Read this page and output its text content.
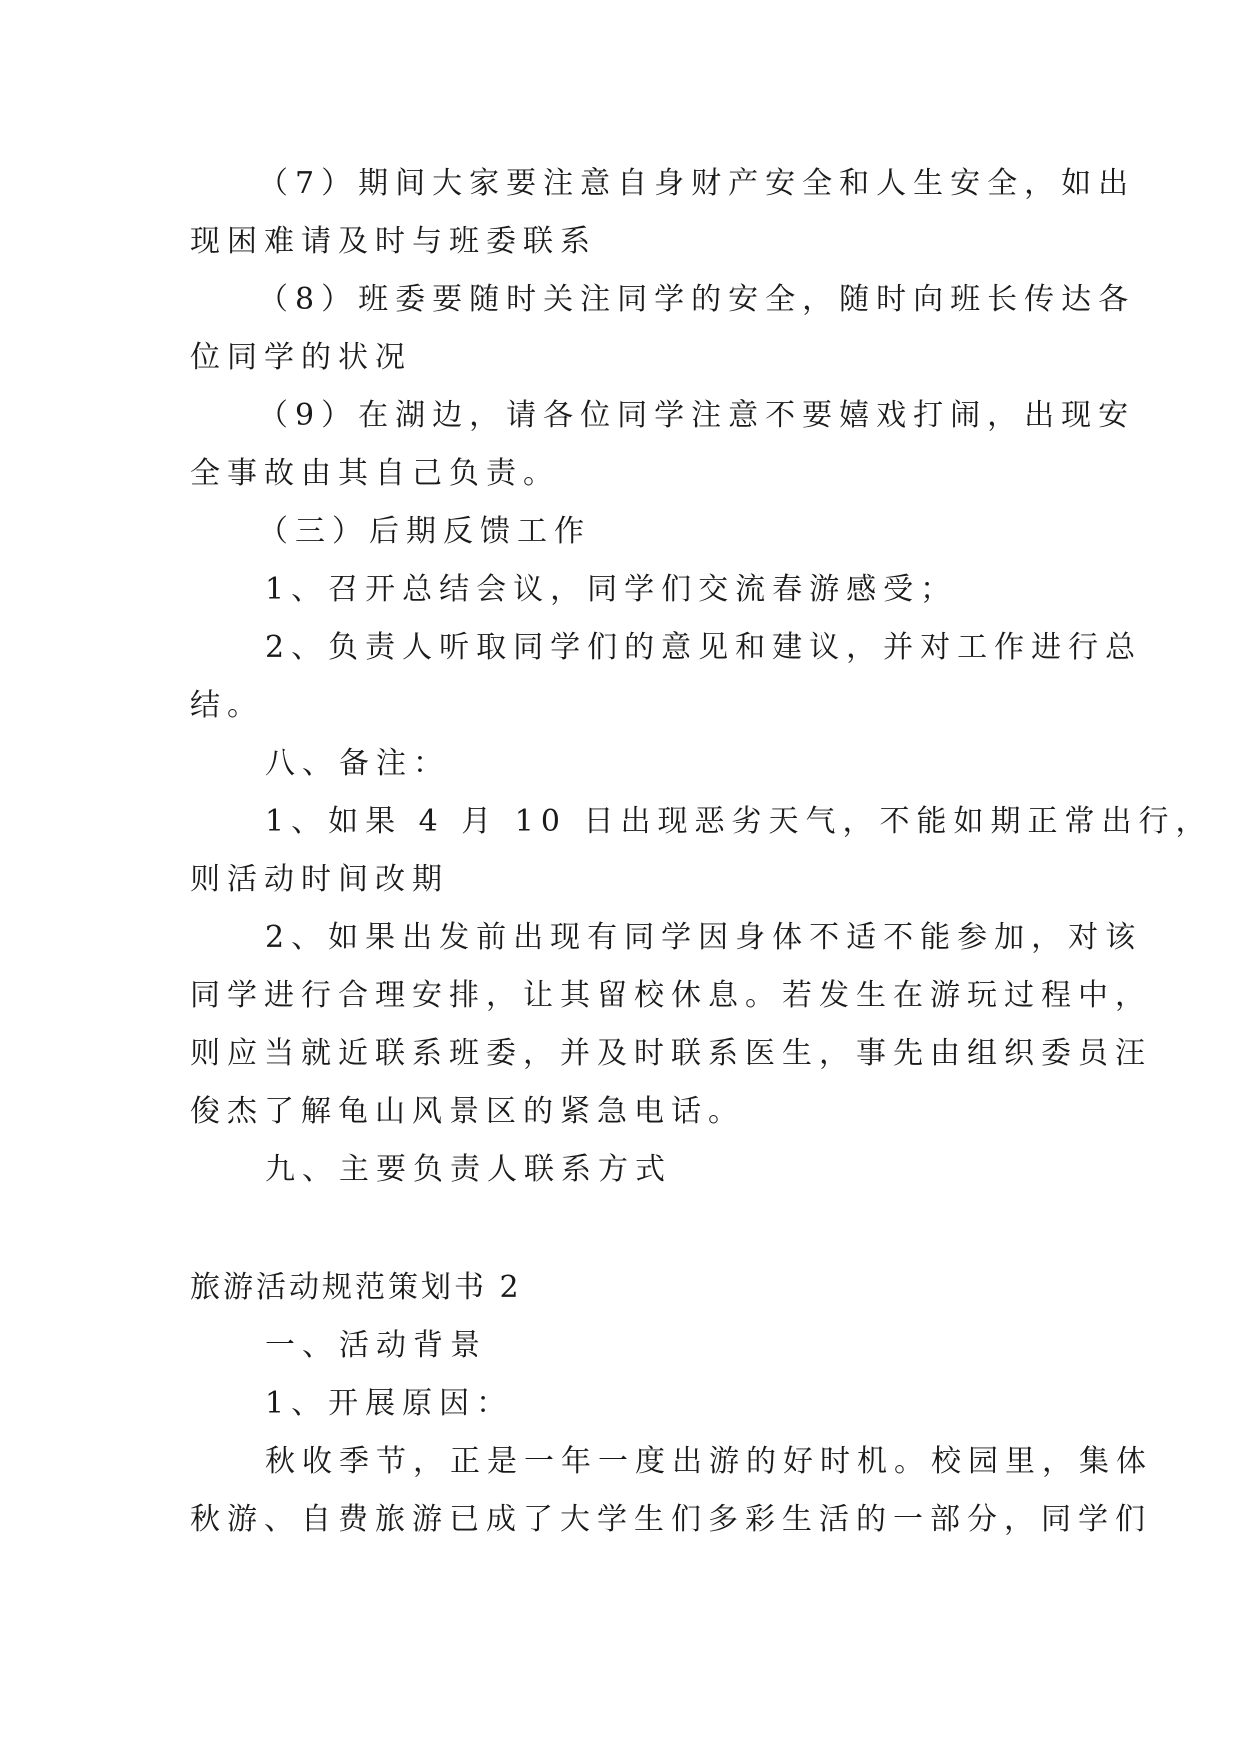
（7）期间大家要注意自身财产安全和人生安全，如出
现困难请及时与班委联系
（8）班委要随时关注同学的安全，随时向班长传达各
位同学的状况
（9）在湖边，请各位同学注意不要嬉戏打闹，出现安
全事故由其自己负责。
（三）后期反馈工作
1、召开总结会议，同学们交流春游感受；
2、负责人听取同学们的意见和建议，并对工作进行总
结。
八、备注：
1、如果 4 月 10 日出现恶劣天气，不能如期正常出行，
则活动时间改期
2、如果出发前出现有同学因身体不适不能参加，对该
同学进行合理安排，让其留校休息。若发生在游玩过程中，
则应当就近联系班委，并及时联系医生，事先由组织委员汪
俊杰了解龟山风景区的紧急电话。
九、主要负责人联系方式
旅游活动规范策划书 2
一、活动背景
1、开展原因：
秋收季节，正是一年一度出游的好时机。校园里，集体
秋游、自费旅游已成了大学生们多彩生活的一部分，同学们
